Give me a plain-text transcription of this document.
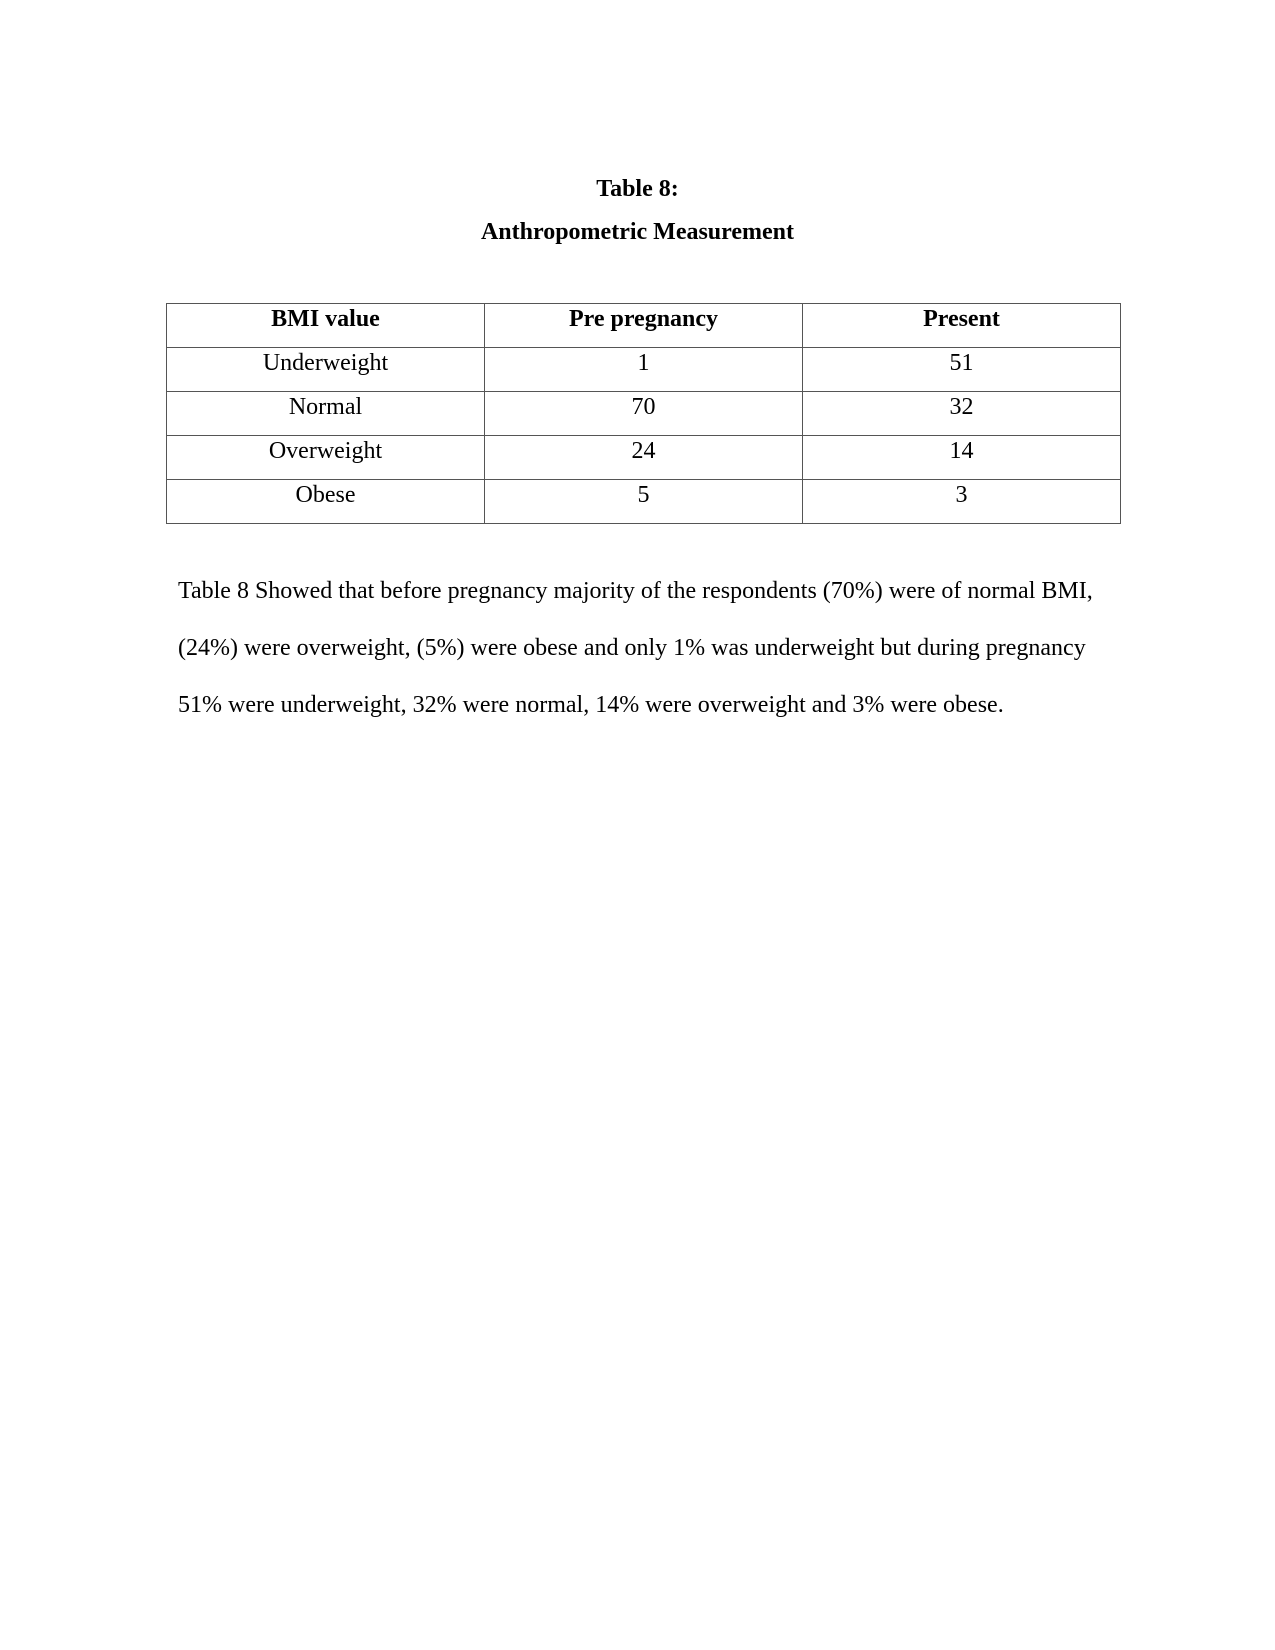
Table 8:
Anthropometric Measurement
BMI value	Pre pregnancy	Present
Underweight	1	51
Normal	70	32
Overweight	24	14
Obese	5	3
Table 8 Showed that before pregnancy majority of the respondents (70%) were of normal BMI,
(24%) were overweight, (5%) were obese and only 1% was underweight but during pregnancy
51% were underweight, 32% were normal, 14% were overweight and 3% were obese.
